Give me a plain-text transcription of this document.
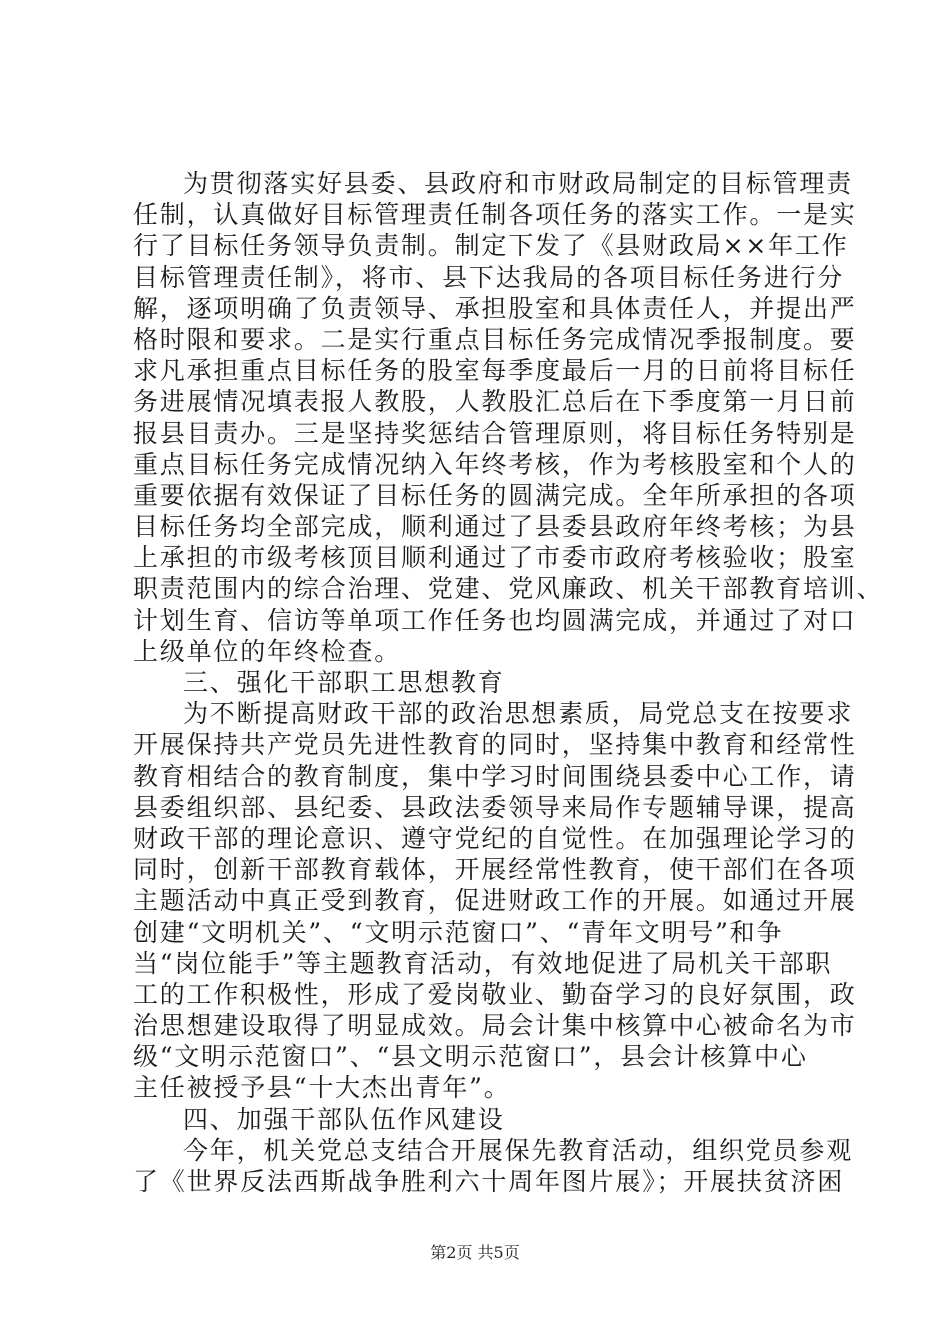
为贯彻落实好县委、县政府和市财政局制定的目标管理责
任制，认真做好目标管理责任制各项任务的落实工作。一是实
行了目标任务领导负责制。制定下发了《县财政局××年工作
目标管理责任制》，将市、县下达我局的各项目标任务进行分
解，逐项明确了负责领导、承担股室和具体责任人，并提出严
格时限和要求。二是实行重点目标任务完成情况季报制度。要
求凡承担重点目标任务的股室每季度最后一月的日前将目标任
务进展情况填表报人教股，人教股汇总后在下季度第一月日前
报县目责办。三是坚持奖惩结合管理原则，将目标任务特别是
重点目标任务完成情况纳入年终考核，作为考核股室和个人的
重要依据有效保证了目标任务的圆满完成。全年所承担的各项
目标任务均全部完成，顺利通过了县委县政府年终考核；为县
上承担的市级考核顶目顺利通过了市委市政府考核验收；股室
职责范围内的综合治理、党建、党风廉政、机关干部教育培训、
计划生育、信访等单项工作任务也均圆满完成，并通过了对口
上级单位的年终检查。
三、强化干部职工思想教育
为不断提高财政干部的政治思想素质，局党总支在按要求
开展保持共产党员先进性教育的同时，坚持集中教育和经常性
教育相结合的教育制度，集中学习时间围绕县委中心工作，请
县委组织部、县纪委、县政法委领导来局作专题辅导课，提高
财政干部的理论意识、遵守党纪的自觉性。在加强理论学习的
同时，创新干部教育载体，开展经常性教育，使干部们在各项
主题活动中真正受到教育，促进财政工作的开展。如通过开展
创建“文明机关”、“文明示范窗口”、“青年文明号”和争
当“岗位能手”等主题教育活动，有效地促进了局机关干部职
工的工作积极性，形成了爱岗敬业、勤奋学习的良好氛围，政
治思想建设取得了明显成效。局会计集中核算中心被命名为市
级“文明示范窗口”、“县文明示范窗口”，县会计核算中心
主任被授予县“十大杰出青年”。
四、加强干部队伍作风建设
今年，机关党总支结合开展保先教育活动，组织党员参观
了《世界反法西斯战争胜利六十周年图片展》；开展扶贫济困
第2页 共5页
